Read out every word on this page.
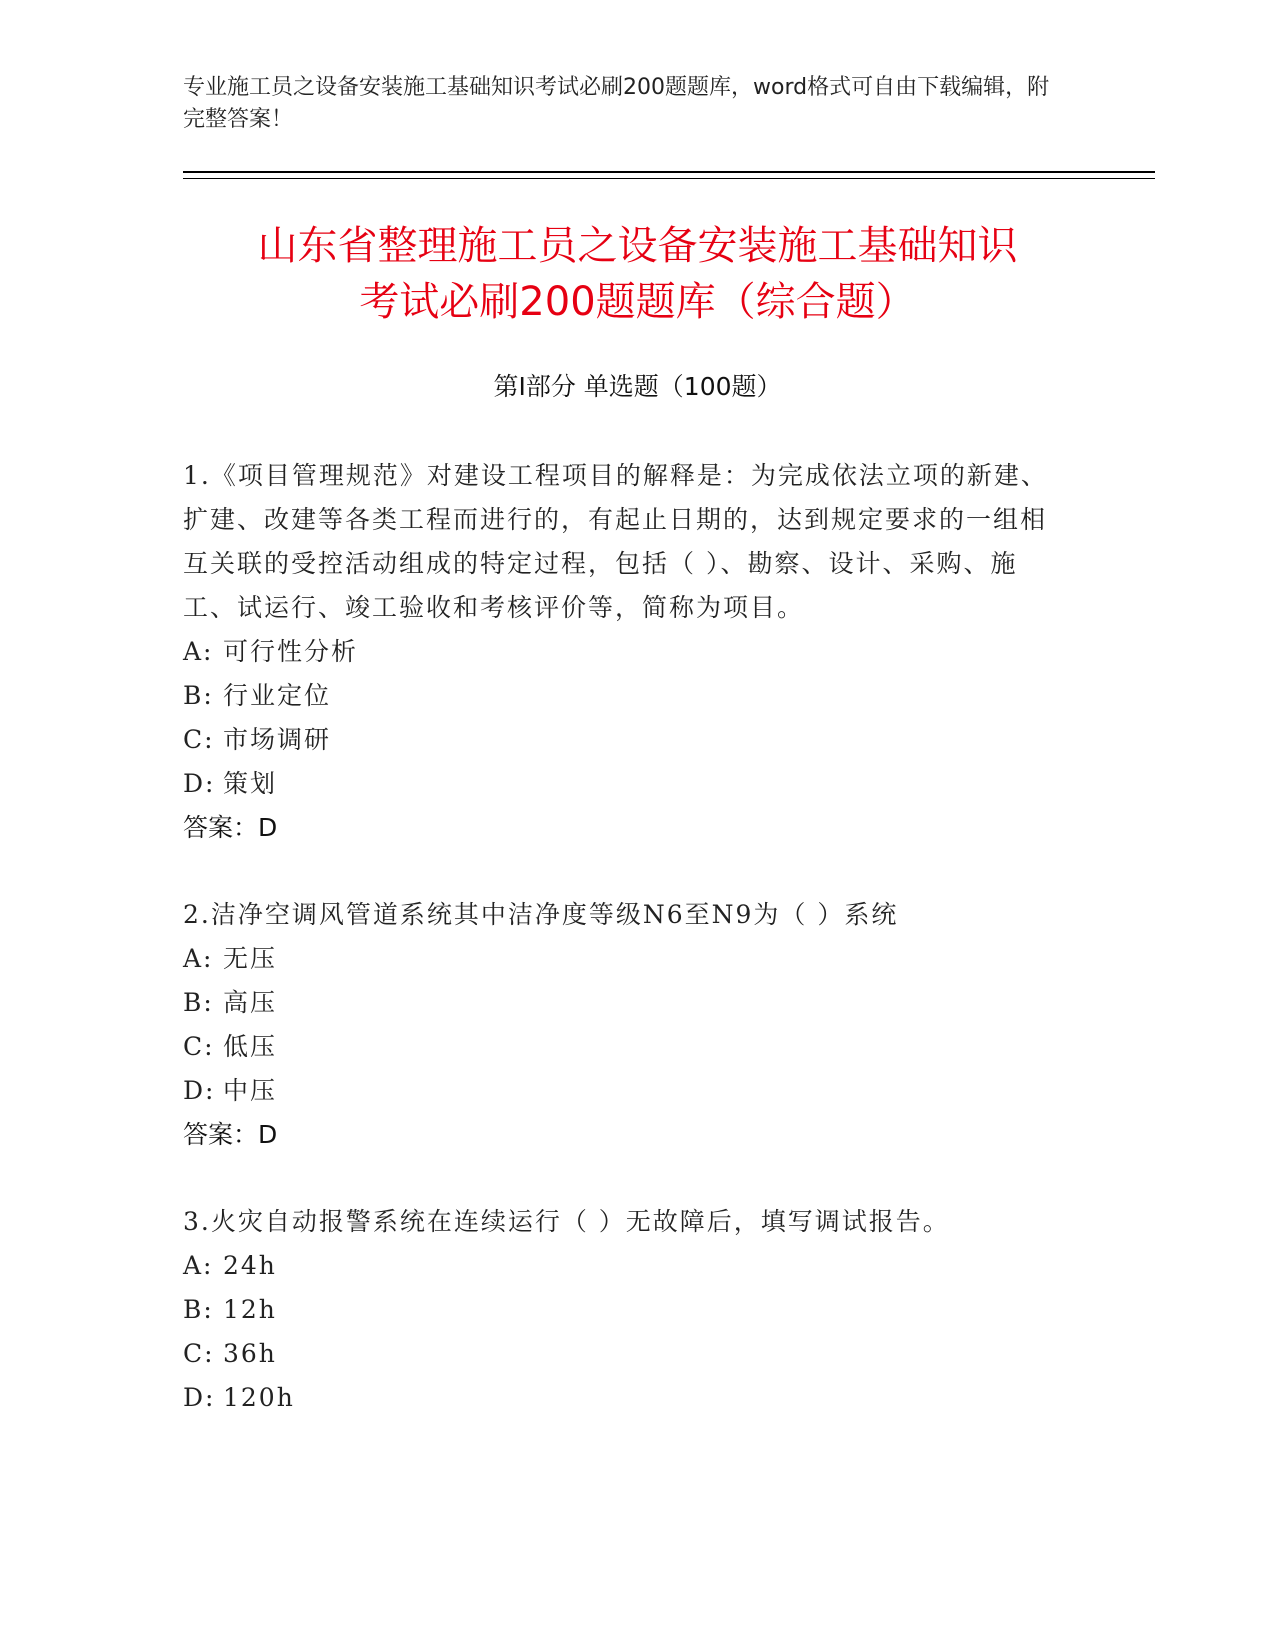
专业施工员之设备安装施工基础知识考试必刷200题题库，word格式可自由下载编辑，附完整答案！
山东省整理施工员之设备安装施工基础知识
考试必刷200题题库（综合题）
第Ⅰ部分 单选题（100题）
1.《项目管理规范》对建设工程项目的解释是：为完成依法立项的新建、扩建、改建等各类工程而进行的，有起止日期的，达到规定要求的一组相互关联的受控活动组成的特定过程，包括（ ）、勘察、设计、采购、施工、试运行、竣工验收和考核评价等，简称为项目。
A: 可行性分析
B: 行业定位
C: 市场调研
D: 策划
答案：D
2.洁净空调风管道系统其中洁净度等级N6至N9为（ ）系统
A: 无压
B: 高压
C: 低压
D: 中压
答案：D
3.火灾自动报警系统在连续运行（ ）无故障后，填写调试报告。
A: 24h
B: 12h
C: 36h
D: 120h
